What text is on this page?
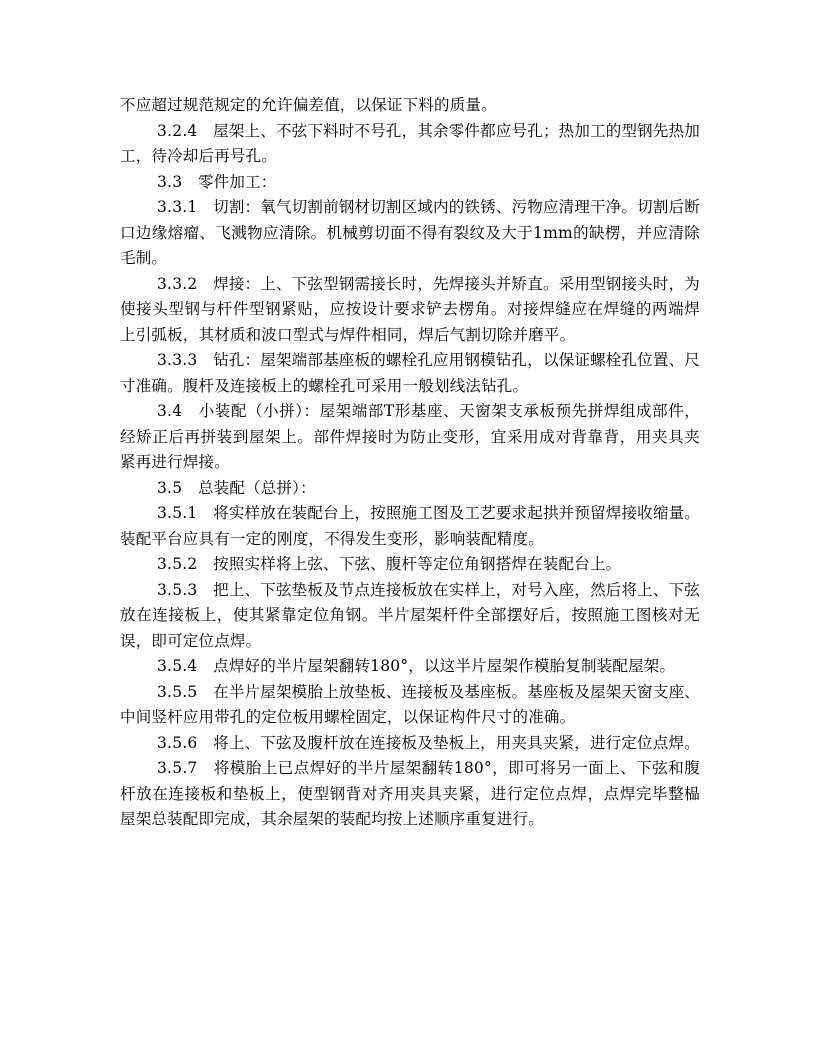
不应超过规范规定的允许偏差值，以保证下料的质量。

3.2.4　屋架上、不弦下料时不号孔，其余零件都应号孔；热加工的型钢先热加工，待冷却后再号孔。

3.3　零件加工：

3.3.1　切割：氧气切割前钢材切割区域内的铁锈、污物应清理干净。切割后断口边缘熔瘤、飞溅物应清除。机械剪切面不得有裂纹及大于1mm的缺楞，并应清除毛制。

3.3.2　焊接：上、下弦型钢需接长时，先焊接头并矫直。采用型钢接头时，为使接头型钢与杆件型钢紧贴，应按设计要求铲去楞角。对接焊缝应在焊缝的两端焊上引弧板，其材质和波口型式与焊件相同，焊后气割切除并磨平。

3.3.3　钻孔：屋架端部基座板的螺栓孔应用钢模钻孔，以保证螺栓孔位置、尺寸准确。腹杆及连接板上的螺栓孔可采用一般划线法钻孔。

3.4　小装配（小拼）：屋架端部T形基座、天窗架支承板预先拼焊组成部件，经矫正后再拼装到屋架上。部件焊接时为防止变形，宜采用成对背靠背，用夹具夹紧再进行焊接。

3.5　总装配（总拼）：

3.5.1　将实样放在装配台上，按照施工图及工艺要求起拱并预留焊接收缩量。装配平台应具有一定的刚度，不得发生变形，影响装配精度。

3.5.2　按照实样将上弦、下弦、腹杆等定位角钢搭焊在装配台上。

3.5.3　把上、下弦垫板及节点连接板放在实样上，对号入座，然后将上、下弦放在连接板上，使其紧靠定位角钢。半片屋架杆件全部摆好后，按照施工图核对无误，即可定位点焊。

3.5.4　点焊好的半片屋架翻转180°，以这半片屋架作模胎复制装配屋架。

3.5.5　在半片屋架模胎上放垫板、连接板及基座板。基座板及屋架天窗支座、中间竖杆应用带孔的定位板用螺栓固定，以保证构件尺寸的准确。

3.5.6　将上、下弦及腹杆放在连接板及垫板上，用夹具夹紧，进行定位点焊。

3.5.7　将模胎上已点焊好的半片屋架翻转180°，即可将另一面上、下弦和腹杆放在连接板和垫板上，使型钢背对齐用夹具夹紧，进行定位点焊，点焊完毕整榀屋架总装配即完成，其余屋架的装配均按上述顺序重复进行。
